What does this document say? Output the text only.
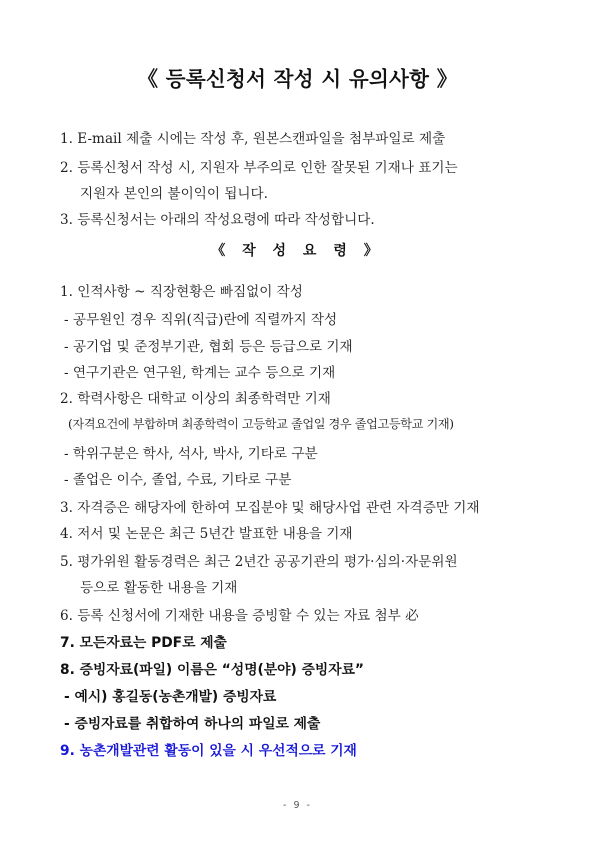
《 등록신청서 작성 시 유의사항 》
1. E-mail 제출 시에는 작성 후, 원본스캔파일을 첨부파일로 제출
2. 등록신청서 작성 시, 지원자 부주의로 인한 잘못된 기재나 표기는
지원자 본인의 불이익이 됩니다.
3. 등록신청서는 아래의 작성요령에 따라 작성합니다.
《 작 성 요 령 》
1. 인적사항 ~ 직장현황은 빠짐없이 작성
- 공무원인 경우 직위(직급)란에 직렬까지 작성
- 공기업 및 준정부기관, 협회 등은 등급으로 기재
- 연구기관은 연구원, 학계는 교수 등으로 기재
2. 학력사항은 대학교 이상의 최종학력만 기재
(자격요건에 부합하며 최종학력이 고등학교 졸업일 경우 졸업고등학교 기재)
- 학위구분은 학사, 석사, 박사, 기타로 구분
- 졸업은 이수, 졸업, 수료, 기타로 구분
3. 자격증은 해당자에 한하여 모집분야 및 해당사업 관련 자격증만 기재
4. 저서 및 논문은 최근 5년간 발표한 내용을 기재
5. 평가위원 활동경력은 최근 2년간 공공기관의 평가·심의·자문위원
등으로 활동한 내용을 기재
6. 등록 신청서에 기재한 내용을 증빙할 수 있는 자료 첨부 必
7. 모든자료는 PDF로 제출
8. 증빙자료(파일) 이름은 “성명(분야) 증빙자료”
- 예시) 홍길동(농촌개발) 증빙자료
- 증빙자료를 취합하여 하나의 파일로 제출
9. 농촌개발관련 활동이 있을 시 우선적으로 기재
- 9 -
